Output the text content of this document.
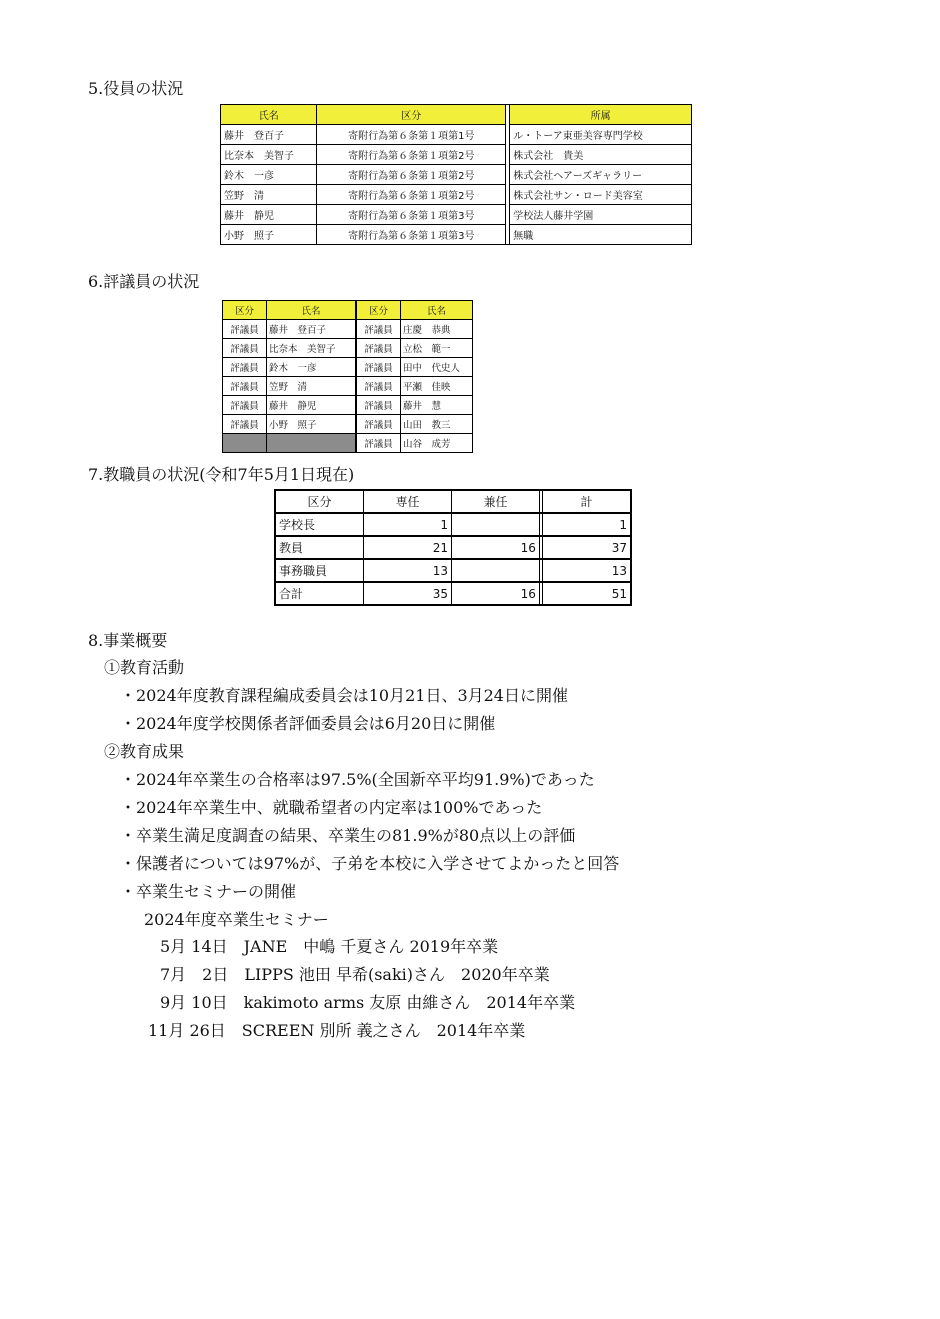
5.役員の状況
氏名	区分		所属
藤井　登百子	寄附行為第６条第１項第1号		ル・トーア東亜美容専門学校
比奈本　美智子	寄附行為第６条第１項第2号		株式会社　貴美
鈴木　一彦	寄附行為第６条第１項第2号		株式会社ヘアーズギャラリー
笠野　清	寄附行為第６条第１項第2号		株式会社サン・ロード美容室
藤井　静児	寄附行為第６条第１項第3号		学校法人藤井学園
小野　照子	寄附行為第６条第１項第3号		無職
6.評議員の状況
区分	氏名	区分	氏名
評議員	藤井　登百子	評議員	庄慶　恭典
評議員	比奈本　美智子	評議員	立松　範一
評議員	鈴木　一彦	評議員	田中　代史人
評議員	笠野　清	評議員	平瀬　佳映
評議員	藤井　静児	評議員	藤井　慧
評議員	小野　照子	評議員	山田　教三
		評議員	山谷　成芳
7.教職員の状況(令和7年5月1日現在)
区分	専任	兼任		計
学校長	1			1
教員	21	16		37
事務職員	13			13
合計	35	16		51
8.事業概要
①教育活動
・2024年度教育課程編成委員会は10月21日、3月24日に開催
・2024年度学校関係者評価委員会は6月20日に開催
②教育成果
・2024年卒業生の合格率は97.5%(全国新卒平均91.9%)であった
・2024年卒業生中、就職希望者の内定率は100%であった
・卒業生満足度調査の結果、卒業生の81.9%が80点以上の評価
・保護者については97%が、子弟を本校に入学させてよかったと回答
・卒業生セミナーの開催
2024年度卒業生セミナー
5月 14日　JANE　中嶋 千夏さん 2019年卒業
7月　2日　LIPPS 池田 早希(saki)さん　2020年卒業
9月 10日　kakimoto arms 友原 由維さん　2014年卒業
11月 26日　SCREEN 別所 義之さん　2014年卒業
